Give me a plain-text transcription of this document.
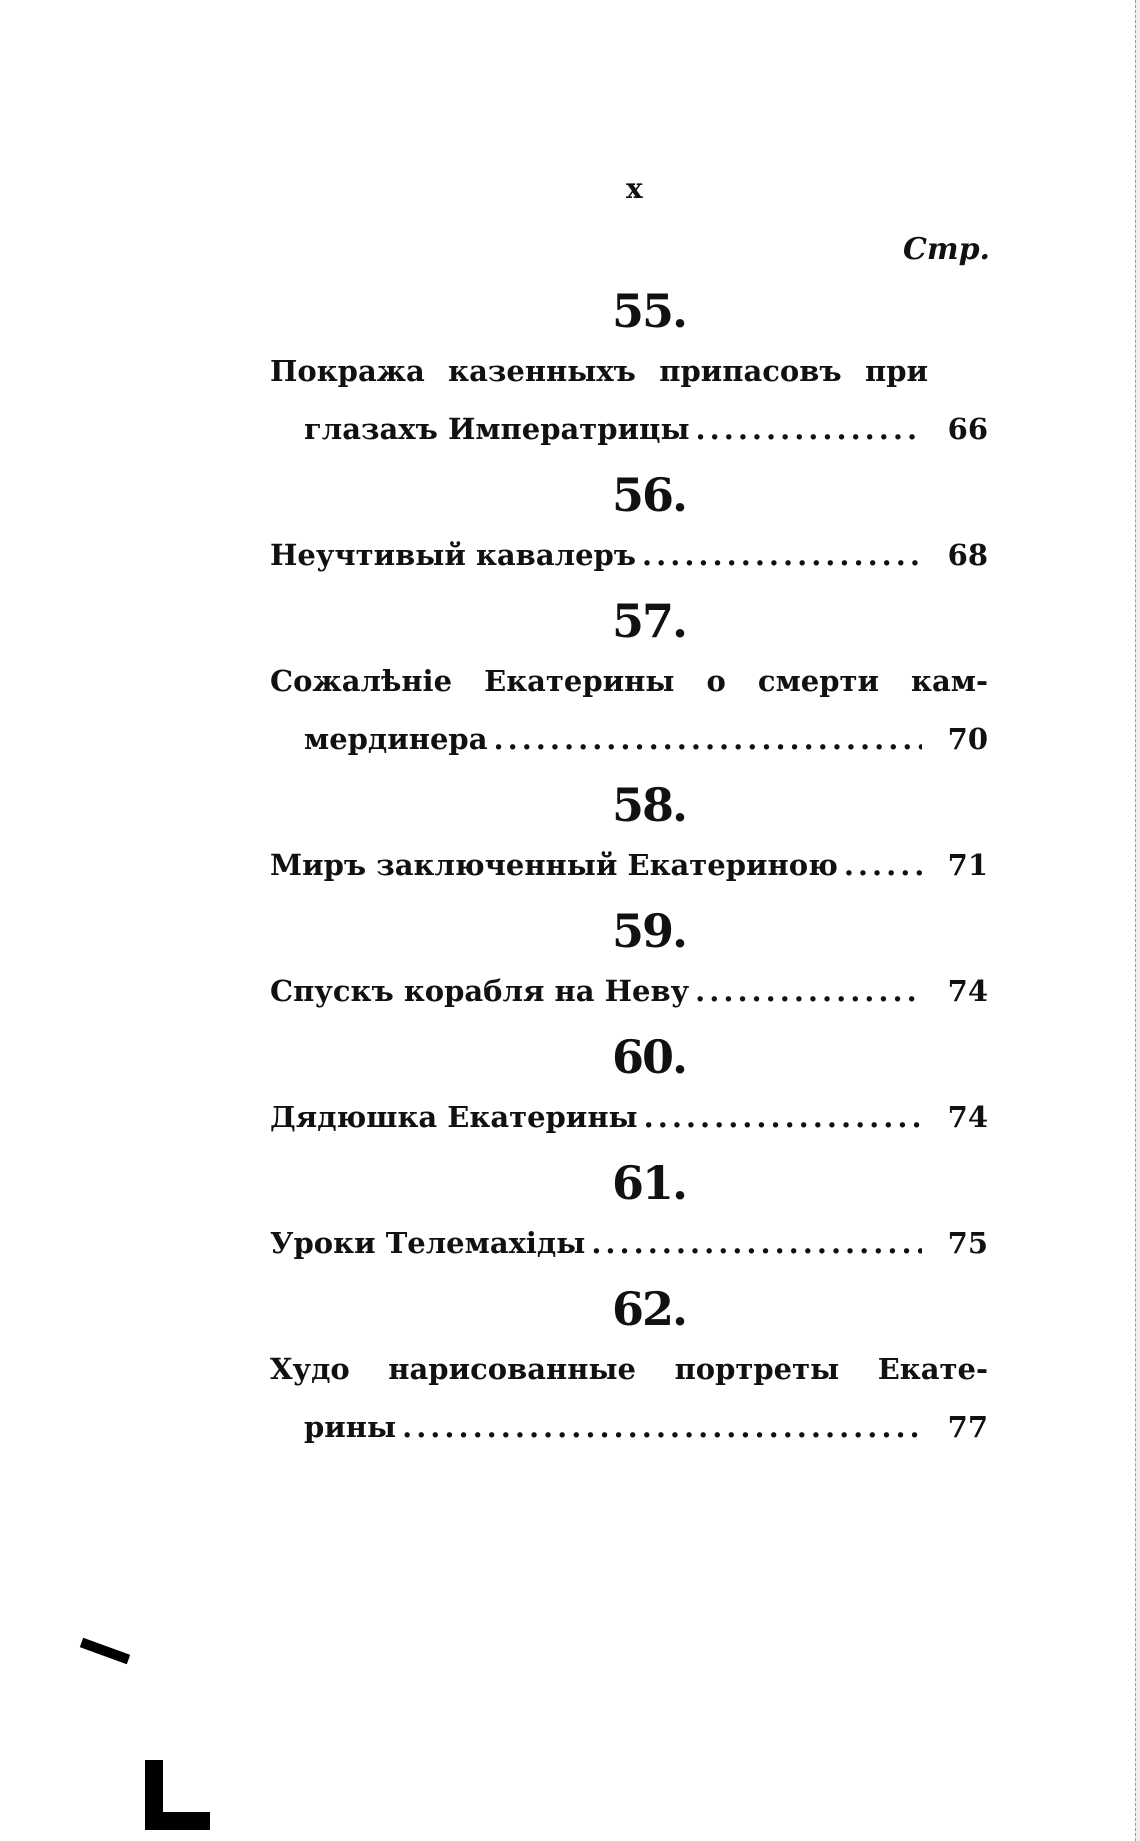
x
Стр.
55.
Покража казенныхъ припасовъ при
глазахъ Императрицы .....	66
56.
Неучтивый кавалеръ .....	68
57.
Сожалѣніе Екатерины о смерти кам-
мердинера .....	70
58.
Миръ заключенный Екатериною .....	71
59.
Спускъ корабля на Неву .....	74
60.
Дядюшка Екатерины .....	74
61.
Уроки Телемахіды .....	75
62.
Худо нарисованные портреты Екате-
рины .....	77
